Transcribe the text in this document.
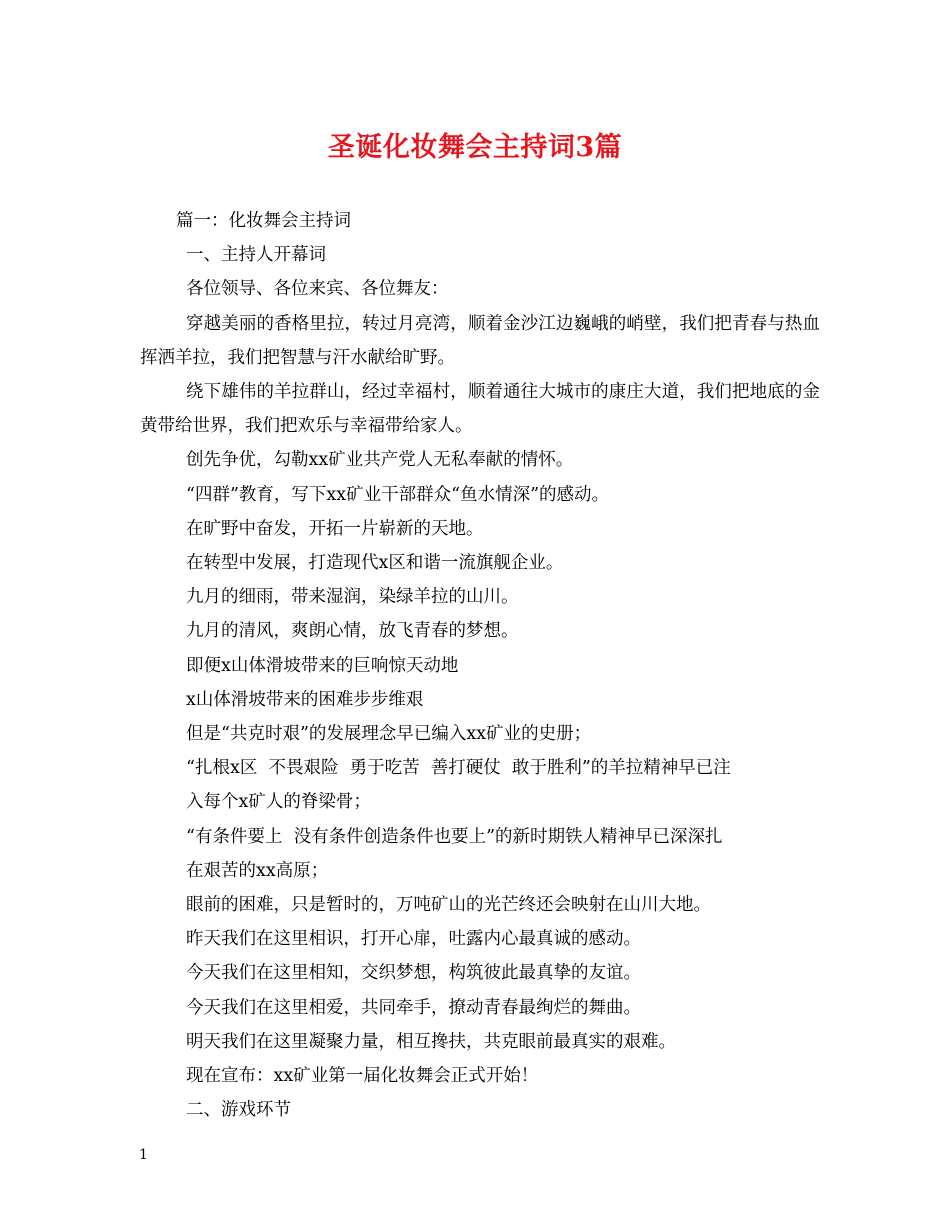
圣诞化妆舞会主持词3篇
篇一：化妆舞会主持词
一、主持人开幕词
各位领导、各位来宾、各位舞友：
穿越美丽的香格里拉，转过月亮湾，顺着金沙江边巍峨的峭壁，我们把青春与热血挥洒羊拉，我们把智慧与汗水献给旷野。
绕下雄伟的羊拉群山，经过幸福村，顺着通往大城市的康庄大道，我们把地底的金黄带给世界，我们把欢乐与幸福带给家人。
创先争优，勾勒xx矿业共产党人无私奉献的情怀。
“四群”教育，写下xx矿业干部群众“鱼水情深”的感动。
在旷野中奋发，开拓一片崭新的天地。
在转型中发展，打造现代x区和谐一流旗舰企业。
九月的细雨，带来湿润，染绿羊拉的山川。
九月的清风，爽朗心情，放飞青春的梦想。
即便x山体滑坡带来的巨响惊天动地
x山体滑坡带来的困难步步维艰
但是“共克时艰”的发展理念早已编入xx矿业的史册；
“扎根x区  不畏艰险  勇于吃苦  善打硬仗  敢于胜利”的羊拉精神早已注
入每个x矿人的脊梁骨；
“有条件要上  没有条件创造条件也要上”的新时期铁人精神早已深深扎
在艰苦的xx高原；
眼前的困难，只是暂时的，万吨矿山的光芒终还会映射在山川大地。
昨天我们在这里相识，打开心扉，吐露内心最真诚的感动。
今天我们在这里相知，交织梦想，构筑彼此最真挚的友谊。
今天我们在这里相爱，共同牵手，撩动青春最绚烂的舞曲。
明天我们在这里凝聚力量，相互搀扶，共克眼前最真实的艰难。
现在宣布：xx矿业第一届化妆舞会正式开始！
二、游戏环节
1
